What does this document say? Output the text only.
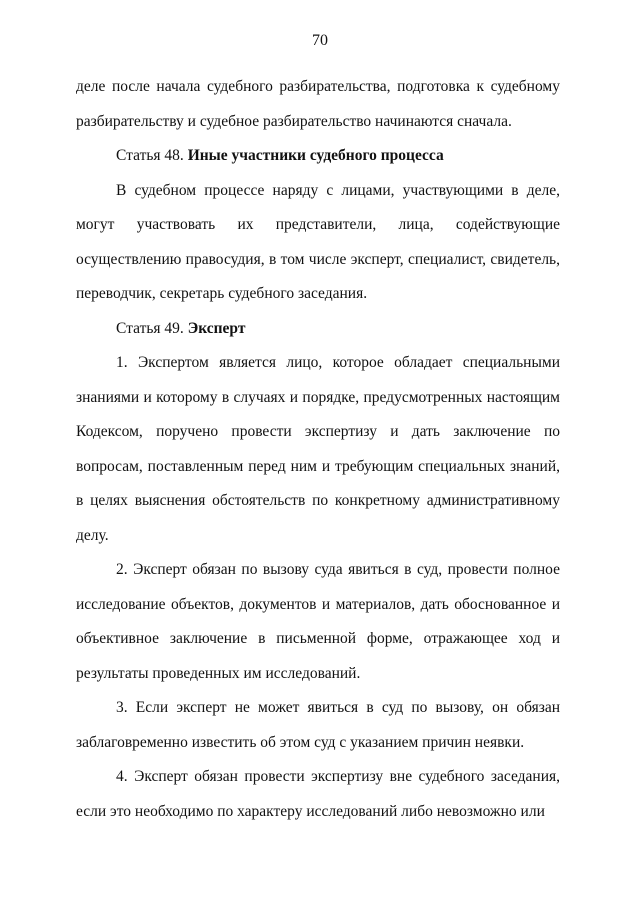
70

деле после начала судебного разбирательства, подготовка к судебному разбирательству и судебное разбирательство начинаются сначала.

Статья 48. Иные участники судебного процесса

В судебном процессе наряду с лицами, участвующими в деле, могут участвовать их представители, лица, содействующие осуществлению правосудия, в том числе эксперт, специалист, свидетель, переводчик, секретарь судебного заседания.

Статья 49. Эксперт

1. Экспертом является лицо, которое обладает специальными знаниями и которому в случаях и порядке, предусмотренных настоящим Кодексом, поручено провести экспертизу и дать заключение по вопросам, поставленным перед ним и требующим специальных знаний, в целях выяснения обстоятельств по конкретному административному делу.

2. Эксперт обязан по вызову суда явиться в суд, провести полное исследование объектов, документов и материалов, дать обоснованное и объективное заключение в письменной форме, отражающее ход и результаты проведенных им исследований.

3. Если эксперт не может явиться в суд по вызову, он обязан заблаговременно известить об этом суд с указанием причин неявки.

4. Эксперт обязан провести экспертизу вне судебного заседания, если это необходимо по характеру исследований либо невозможно или
